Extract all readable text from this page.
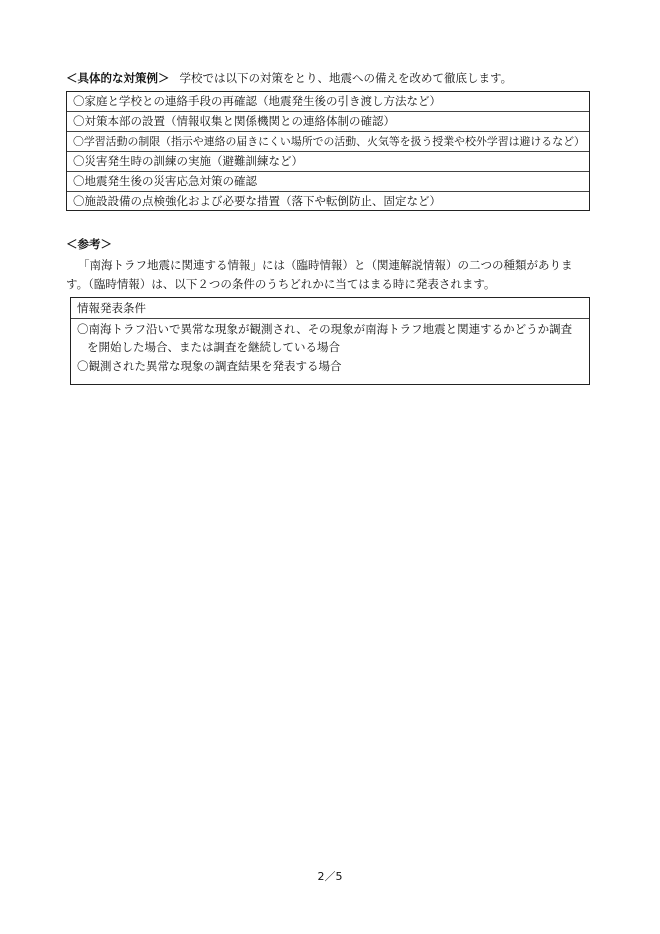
＜具体的な対策例＞ 学校では以下の対策をとり、地震への備えを改めて徹底します。
〇家庭と学校との連絡手段の再確認（地震発生後の引き渡し方法など）
〇対策本部の設置（情報収集と関係機関との連絡体制の確認）
〇学習活動の制限（指示や連絡の届きにくい場所での活動、火気等を扱う授業や校外学習は避けるなど）
〇災害発生時の訓練の実施（避難訓練など）
〇地震発生後の災害応急対策の確認
〇施設設備の点検強化および必要な措置（落下や転倒防止、固定など）
＜参考＞
「南海トラフ地震に関連する情報」には（臨時情報）と（関連解説情報）の二つの種類がありま
す。（臨時情報）は、以下２つの条件のうちどれかに当てはまる時に発表されます。
情報発表条件
〇南海トラフ沿いで異常な現象が観測され、その現象が南海トラフ地震と関連するかどうか調査
を開始した場合、または調査を継続している場合
〇観測された異常な現象の調査結果を発表する場合
2／5
